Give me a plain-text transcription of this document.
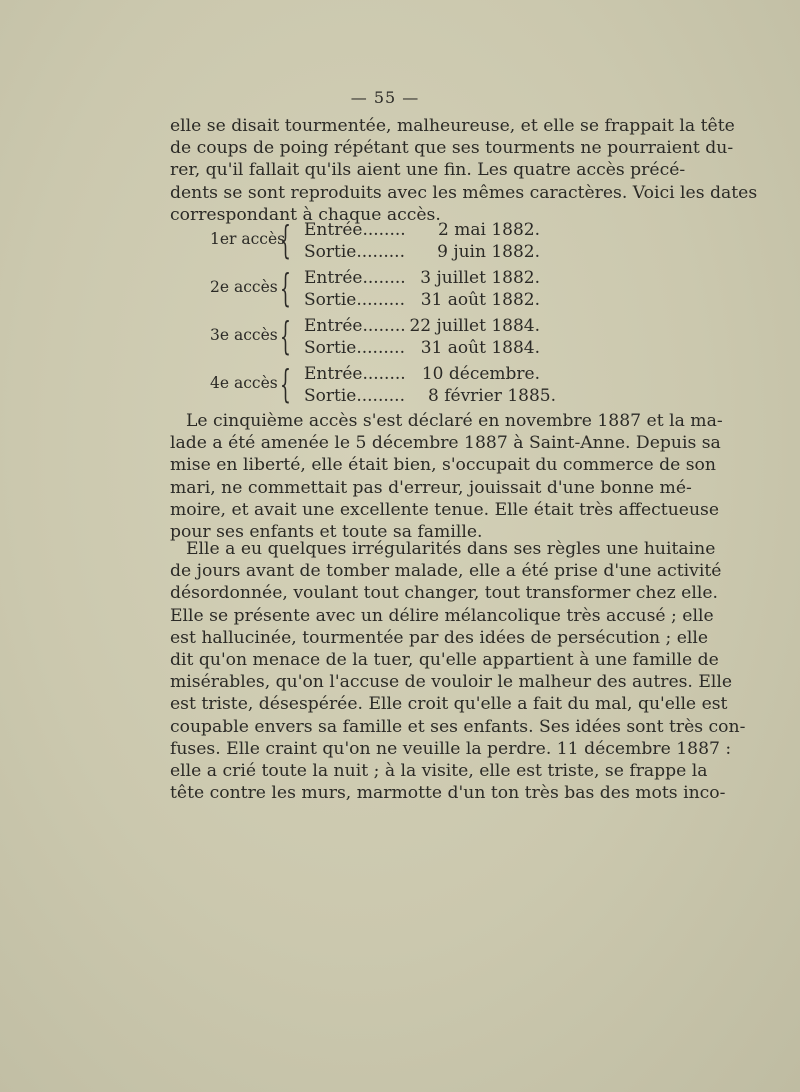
— 55 —
elle se disait tourmentée, malheureuse, et elle se frappait la tête
de coups de poing répétant que ses tourments ne pourraient du-
rer, qu'il fallait qu'ils aient une fin. Les quatre accès précé-
dents se sont reproduits avec les mêmes caractères. Voici les dates
correspondant à chaque accès.
1er accès
{ Entrée........ 2 mai 1882.
Sortie......... 9 juin 1882.
2e accès { Entrée........ 3 juillet 1882.
Sortie......... 31 août 1882.
3e accès { Entrée........ 22 juillet 1884.
Sortie......... 31 août 1884.
4e accès { Entrée........ 10 décembre.
Sortie......... 8 février 1885.
Le cinquième accès s'est déclaré en novembre 1887 et la ma-
lade a été amenée le 5 décembre 1887 à Saint-Anne. Depuis sa
mise en liberté, elle était bien, s'occupait du commerce de son
mari, ne commettait pas d'erreur, jouissait d'une bonne mé-
moire, et avait une excellente tenue. Elle était très affectueuse
pour ses enfants et toute sa famille.
Elle a eu quelques irrégularités dans ses règles une huitaine
de jours avant de tomber malade, elle a été prise d'une activité
désordonnée, voulant tout changer, tout transformer chez elle.
Elle se présente avec un délire mélancolique très accusé ; elle
est hallucinée, tourmentée par des idées de persécution ; elle
dit qu'on menace de la tuer, qu'elle appartient à une famille de
misérables, qu'on l'accuse de vouloir le malheur des autres. Elle
est triste, désespérée. Elle croit qu'elle a fait du mal, qu'elle est
coupable envers sa famille et ses enfants. Ses idées sont très con-
fuses. Elle craint qu'on ne veuille la perdre. 11 décembre 1887 :
elle a crié toute la nuit ; à la visite, elle est triste, se frappe la
tête contre les murs, marmotte d'un ton très bas des mots inco-
